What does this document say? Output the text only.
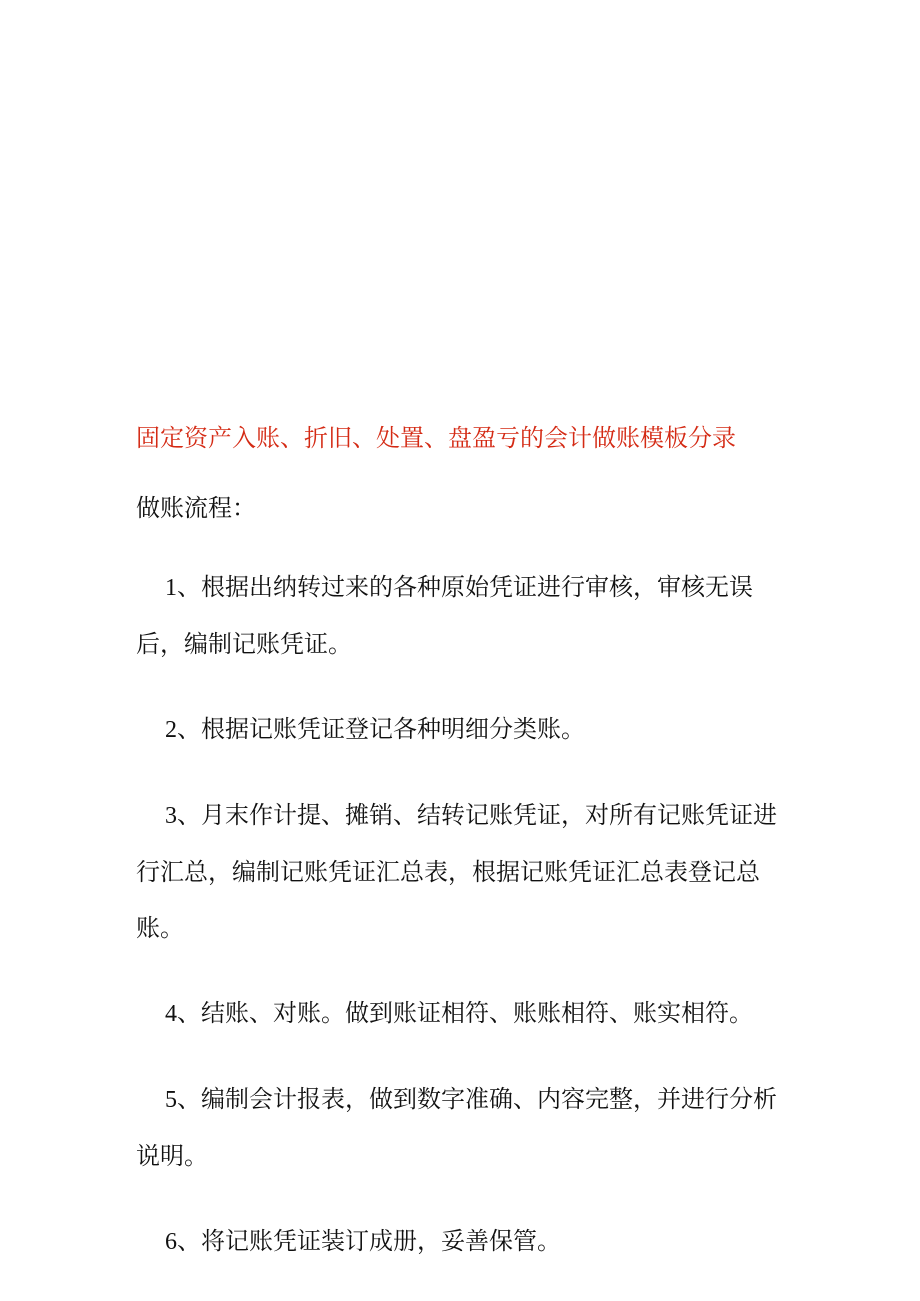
固定资产入账、折旧、处置、盘盈亏的会计做账模板分录

做账流程：

1、根据出纳转过来的各种原始凭证进行审核，审核无误后，编制记账凭证。
2、根据记账凭证登记各种明细分类账。
3、月末作计提、摊销、结转记账凭证，对所有记账凭证进行汇总，编制记账凭证汇总表，根据记账凭证汇总表登记总账。
4、结账、对账。做到账证相符、账账相符、账实相符。
5、编制会计报表，做到数字准确、内容完整，并进行分析说明。
6、将记账凭证装订成册，妥善保管。
